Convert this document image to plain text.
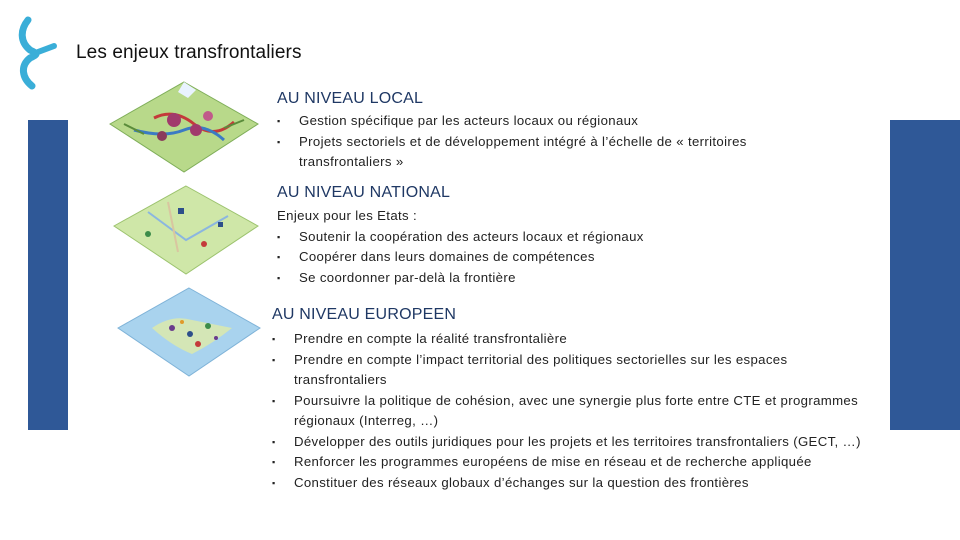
Les enjeux transfrontaliers
AU NIVEAU LOCAL
▪	Gestion spécifique par les acteurs locaux ou régionaux
▪	Projets sectoriels et de développement intégré à l’échelle de « territoires transfrontaliers »
AU NIVEAU NATIONAL
Enjeux pour les Etats :
▪	Soutenir la coopération des acteurs locaux et régionaux
▪	Coopérer dans leurs domaines de compétences
▪	Se coordonner par-delà la frontière
AU NIVEAU EUROPEEN
▪	Prendre en compte la réalité transfrontalière
▪	Prendre en compte l’impact territorial des politiques sectorielles sur les espaces transfrontaliers
▪	Poursuivre la politique de cohésion, avec une synergie plus forte entre CTE et programmes régionaux (Interreg, …)
▪	Développer des outils juridiques pour les projets et les territoires transfrontaliers (GECT, …)
▪	Renforcer les programmes européens de mise en réseau et de recherche appliquée
▪	Constituer des réseaux globaux d’échanges sur la question des frontières
